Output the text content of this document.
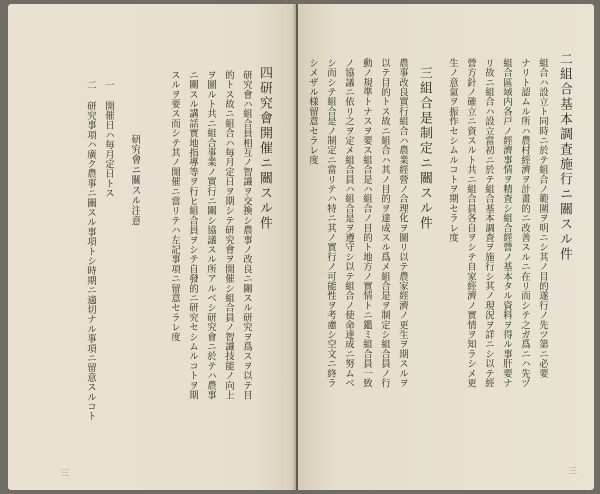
四研究會開催ニ關スル件
研究會ハ組合員相互ノ智識ヲ交換シ農事ノ改良ニ關スル研究ヲ爲スヲ以テ目
的トス故ニ組合ハ毎月定日ヲ期シテ研究會ヲ開催シ組合員ノ智識技能ノ向上
ヲ圖ルト共ニ組合事業ノ實行ニ關シ協議スル所アルベシ研究會ニ於テハ農事
ニ關スル講話實地指導等ヲ行ヒ組合員ヲシテ自發的ニ研究セシムルコトヲ期
スルヲ要ス而シテ其ノ開催ニ當リテハ左記事項ニ留意セラレ度
研究會ニ關スル注意
一 開催日ハ毎月定日トス
二 研究事項ハ廣ク農事ニ關スル事項トシ時期ニ適切ナル事項ニ留意スルコト
三
二組合基本調査施行ニ關スル件
組合ハ設立ト同時ニ於テ組合ノ範圍ヲ明ニシ其ノ目的遂行ノ先ツ第ニ必要
ナリト認ムル所ハ農村經濟ヲ計畫的ニ改善スルニ在リ而シテ之ガ爲ニハ先ヅ
組合區域内各戸ノ經濟事情ヲ精査シ組合經營ノ基本タル資料ヲ得ル事肝要ナ
リ故ニ組合ハ設立當初ニ於テ組合基本調査ヲ施行シ其ノ現況ヲ詳ニシ以テ經
營方針ノ確立ニ資スルト共ニ組合員各自ヲシテ自家經濟ノ實情ヲ知ラシメ更
生ノ意氣ヲ振作セシムルコトヲ期セラレ度
三組合是制定ニ關スル件
農事改良實行組合ハ農業經營ノ合理化ヲ圖リ以テ農家經濟ノ更生ヲ期スルヲ
以テ目的トス故ニ組合ハ其ノ目的ヲ達成スル爲メ組合是ヲ制定シ組合員ノ行
動ノ規準トナスヲ要ス組合是ハ組合ノ目的ト地方ノ實情トニ鑑ミ組合員一致
ノ協議ニ依リ之ヲ定メ組合員ハ組合是ヲ遵守シ以テ組合ノ使命達成ニ努ムベ
シ而シテ組合是ノ制定ニ當リテハ特ニ其ノ實行ノ可能性ヲ考慮シ空文ニ終ラ
シメザル様留意セラレ度
三
